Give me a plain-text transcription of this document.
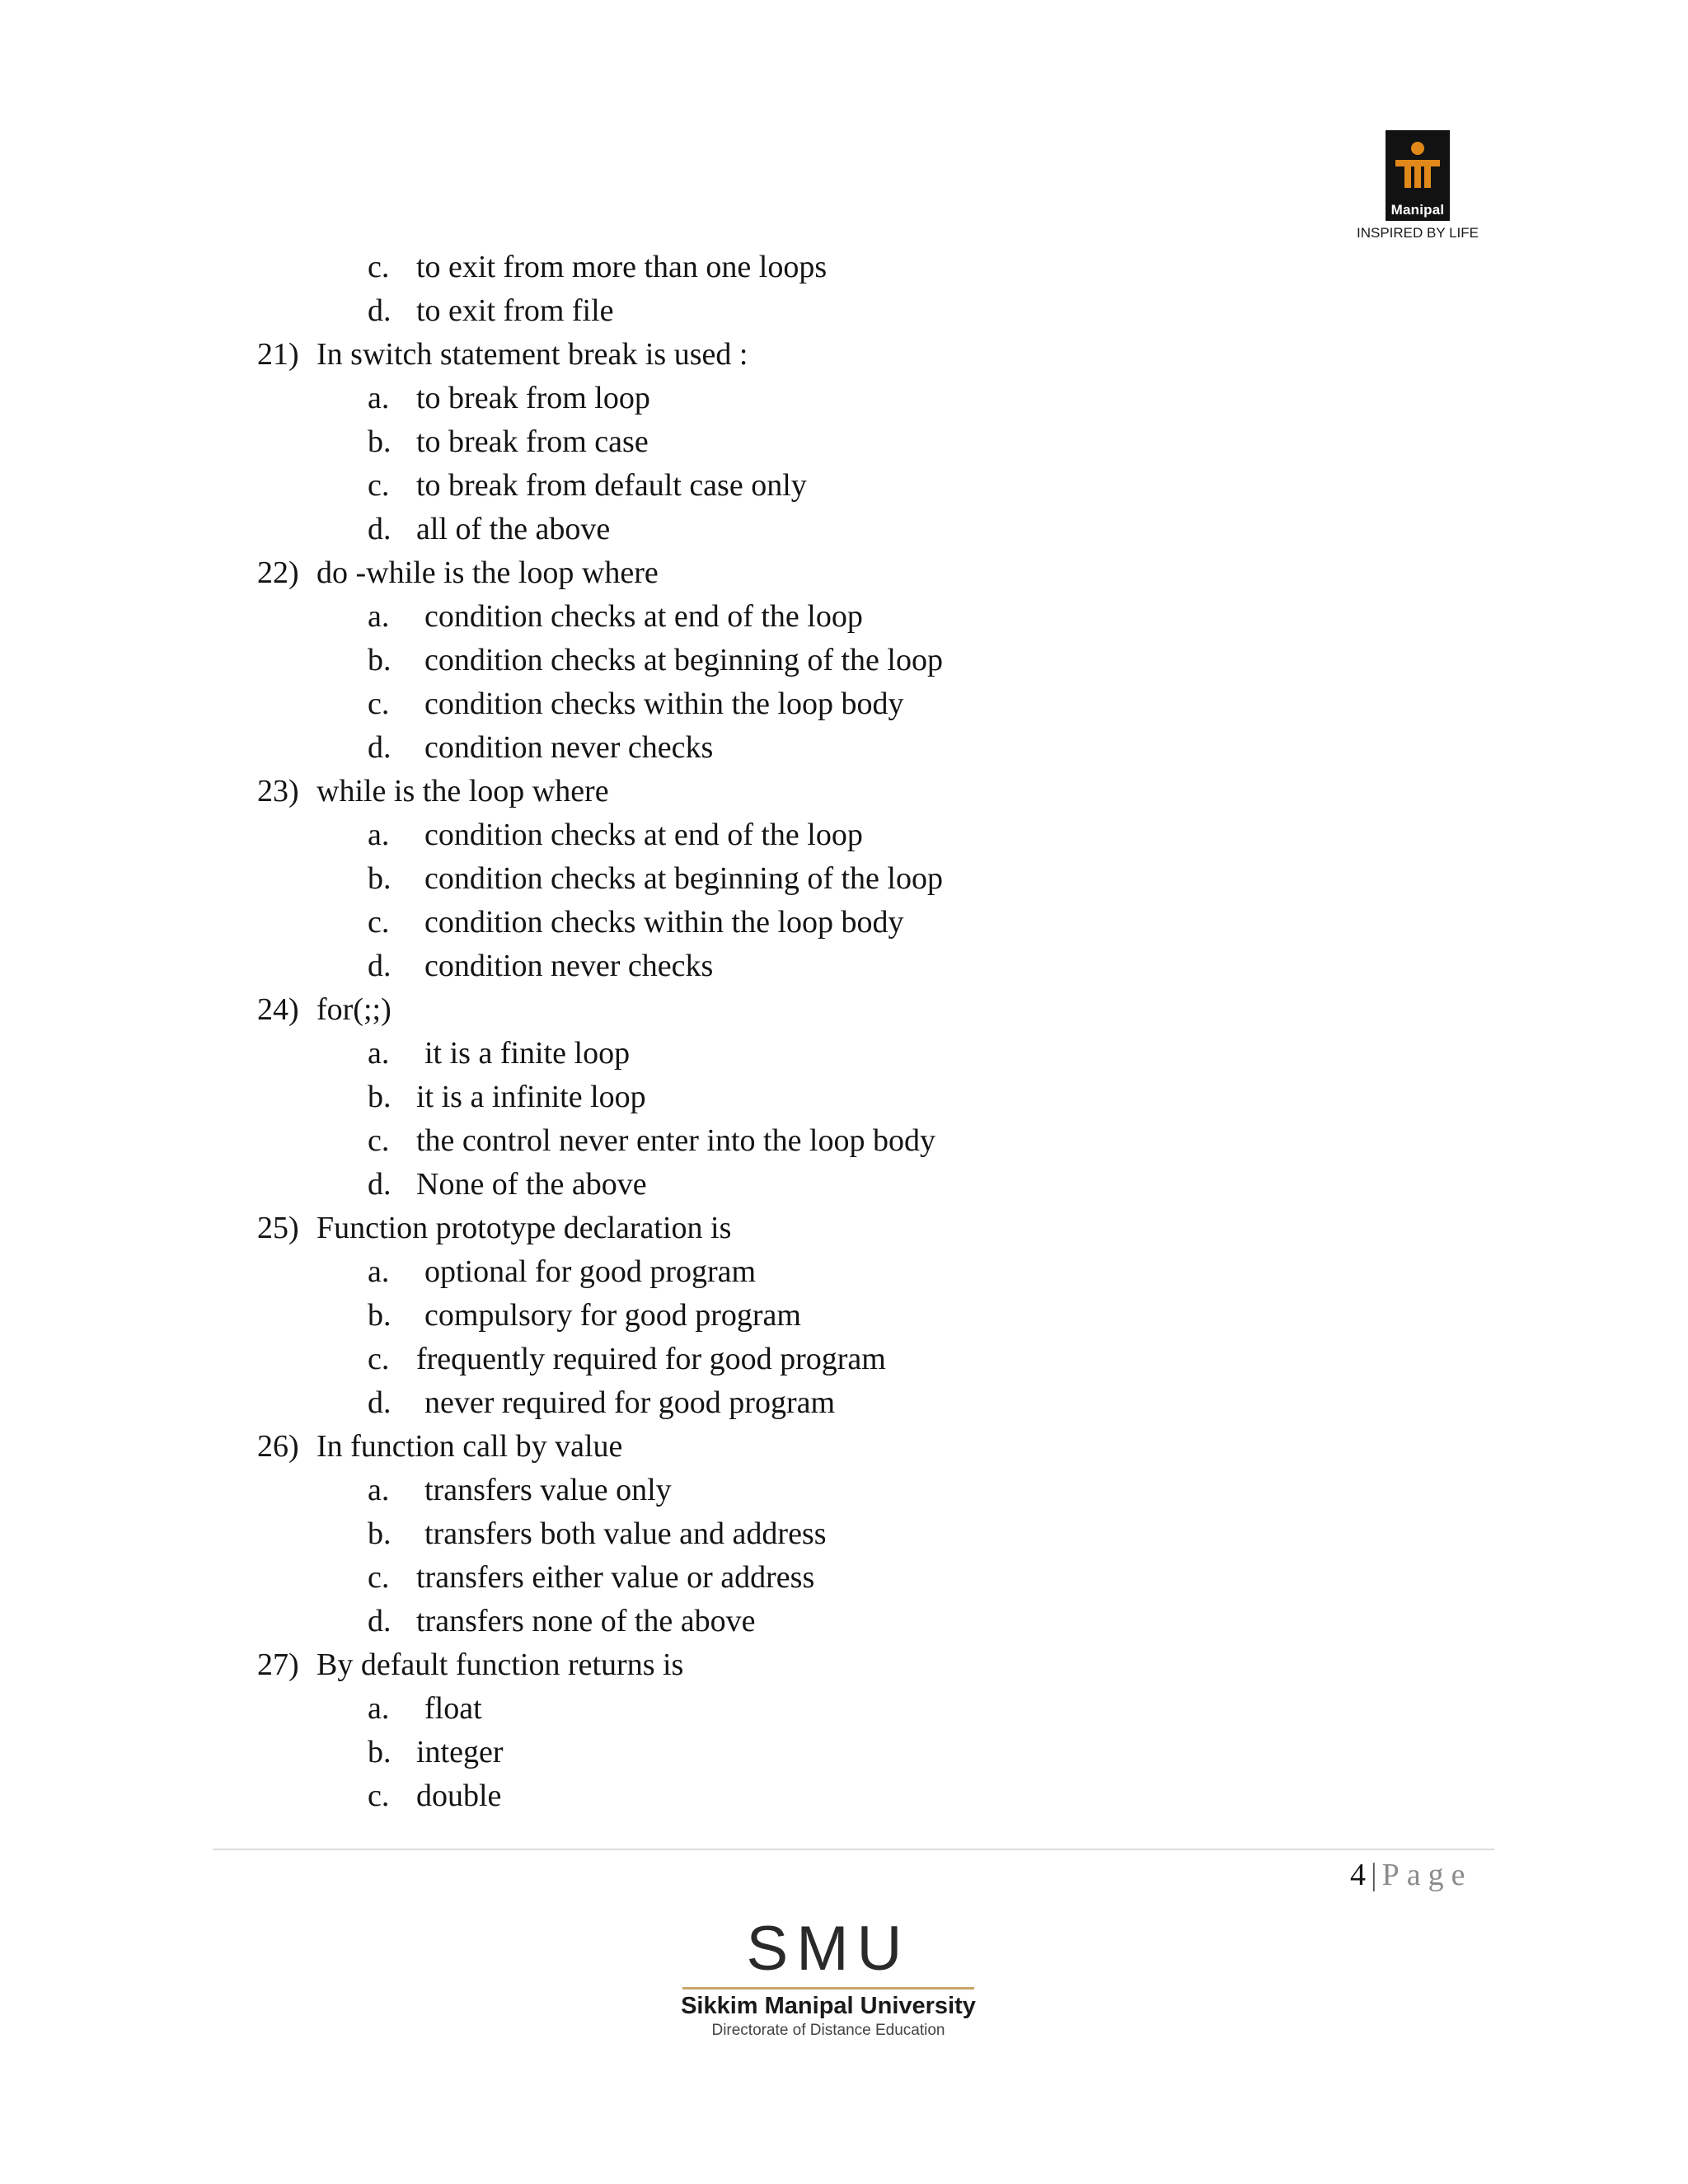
Manipal
INSPIRED BY LIFE
c. to exit from more than one loops
d. to exit from file
21) In switch statement break is used :
a. to break from loop
b. to break from case
c. to break from default case only
d. all of the above
22) do -while is the loop where
a. condition checks at end of the loop
b. condition checks at beginning of the loop
c. condition checks within the loop body
d. condition never checks
23) while is the loop where
a. condition checks at end of the loop
b. condition checks at beginning of the loop
c. condition checks within the loop body
d. condition never checks
24) for(;;)
a. it is a finite loop
b. it is a infinite loop
c. the control never enter into the loop body
d. None of the above
25) Function prototype declaration is
a. optional for good program
b. compulsory for good program
c. frequently required for good program
d. never required for good program
26) In function call by value
a. transfers value only
b. transfers both value and address
c. transfers either value or address
d. transfers none of the above
27) By default function returns is
a. float
b. integer
c. double
4 | Page
SMU
Sikkim Manipal University
Directorate of Distance Education
